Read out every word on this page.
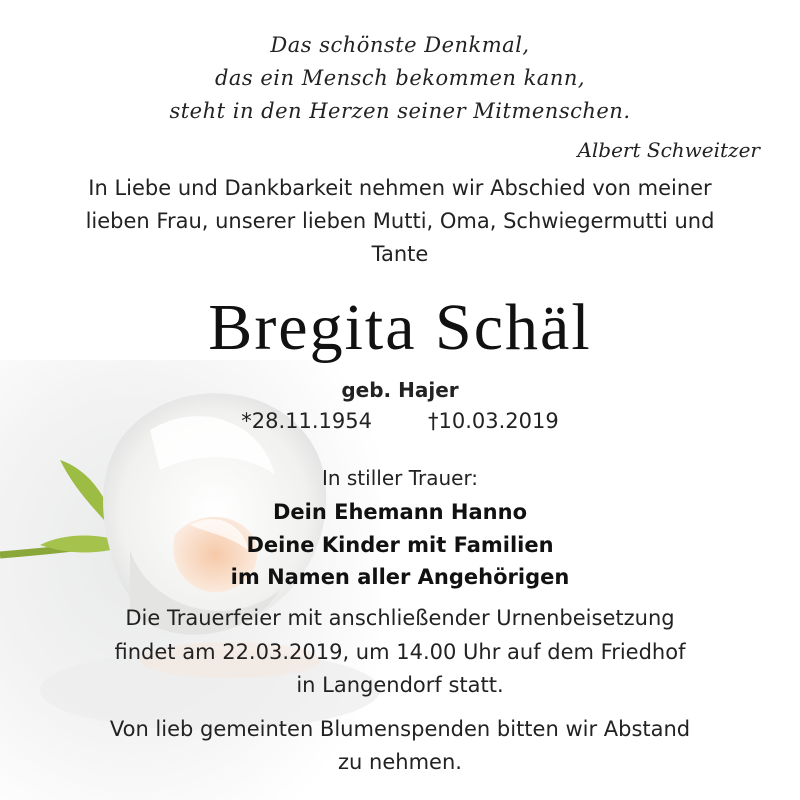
Das schönste Denkmal,
das ein Mensch bekommen kann,
steht in den Herzen seiner Mitmenschen.
Albert Schweitzer
In Liebe und Dankbarkeit nehmen wir Abschied von meiner
lieben Frau, unserer lieben Mutti, Oma, Schwiegermutti und
Tante
Bregita Schäl
geb. Hajer
*28.11.1954	†10.03.2019
In stiller Trauer:
Dein Ehemann Hanno
Deine Kinder mit Familien
im Namen aller Angehörigen
Die Trauerfeier mit anschließender Urnenbeisetzung
findet am 22.03.2019, um 14.00 Uhr auf dem Friedhof
in Langendorf statt.
Von lieb gemeinten Blumenspenden bitten wir Abstand
zu nehmen.
